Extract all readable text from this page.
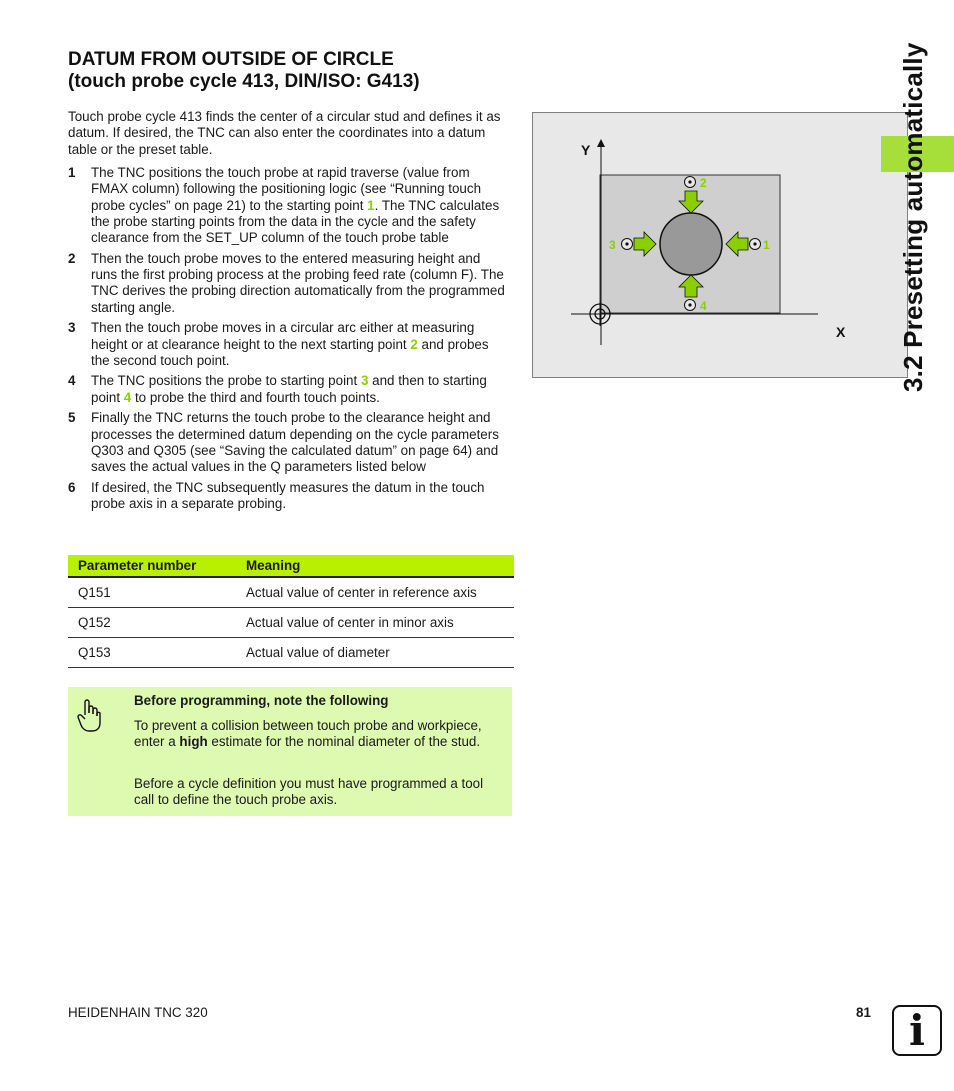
DATUM FROM OUTSIDE OF CIRCLE
(touch probe cycle 413, DIN/ISO: G413)
Touch probe cycle 413 finds the center of a circular stud and defines it as datum. If desired, the TNC can also enter the coordinates into a datum table or the preset table.
1 The TNC positions the touch probe at rapid traverse (value from FMAX column) following the positioning logic (see “Running touch probe cycles” on page 21) to the starting point 1. The TNC calculates the probe starting points from the data in the cycle and the safety clearance from the SET_UP column of the touch probe table
2 Then the touch probe moves to the entered measuring height and runs the first probing process at the probing feed rate (column F). The TNC derives the probing direction automatically from the programmed starting angle.
3 Then the touch probe moves in a circular arc either at measuring height or at clearance height to the next starting point 2 and probes the second touch point.
4 The TNC positions the probe to starting point 3 and then to starting point 4 to probe the third and fourth touch points.
5 Finally the TNC returns the touch probe to the clearance height and processes the determined datum depending on the cycle parameters Q303 and Q305 (see “Saving the calculated datum” on page 64) and saves the actual values in the Q parameters listed below
6 If desired, the TNC subsequently measures the datum in the touch probe axis in a separate probing.
Parameter number	Meaning
Q151	Actual value of center in reference axis
Q152	Actual value of center in minor axis
Q153	Actual value of diameter
Before programming, note the following
To prevent a collision between touch probe and workpiece, enter a high estimate for the nominal diameter of the stud.
Before a cycle definition you must have programmed a tool call to define the touch probe axis.
Y
X
2
4
3	1	3.2 Presetting automatically
HEIDENHAIN TNC 320	81 i
